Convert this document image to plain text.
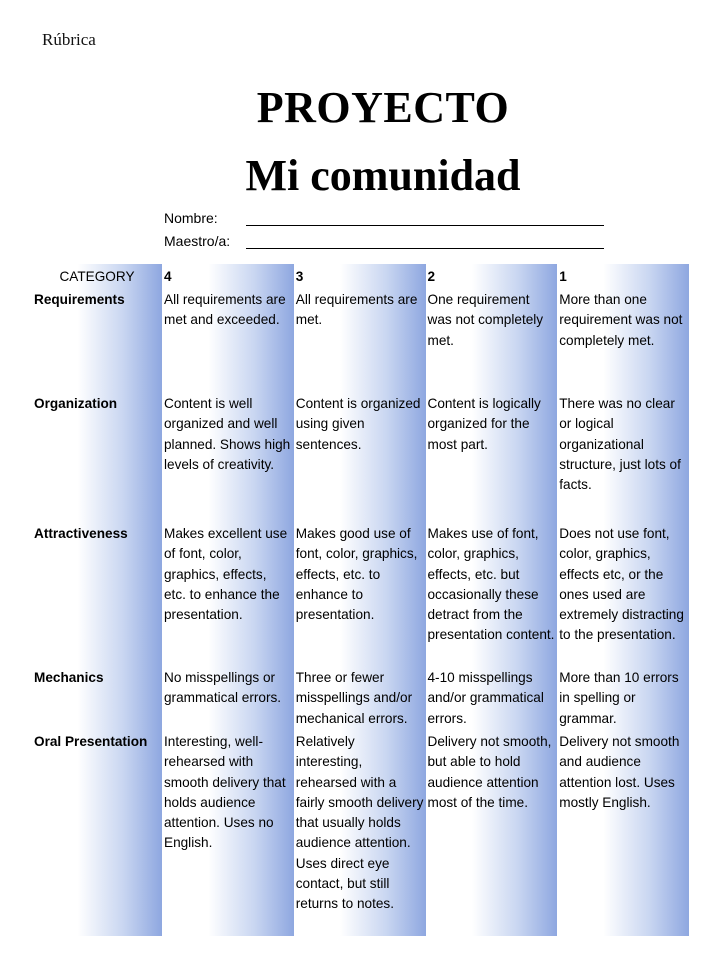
Rúbrica
PROYECTO
Mi comunidad
Nombre:
Maestro/a:
CATEGORY	4	3	2	1
Requirements	All requirements are met and exceeded.	All requirements are met.	One requirement was not completely met.	More than one requirement was not completely met.
Organization	Content is well organized and well planned. Shows high levels of creativity.	Content is organized using given sentences.	Content is logically organized for the most part.	There was no clear or logical organizational structure, just lots of facts.
Attractiveness	Makes excellent use of font, color, graphics, effects, etc. to enhance the presentation.	Makes good use of font, color, graphics, effects, etc. to enhance to presentation.	Makes use of font, color, graphics, effects, etc. but occasionally these detract from the presentation content.	Does not use font, color, graphics, effects etc, or the ones used are extremely distracting to the presentation.
Mechanics	No misspellings or grammatical errors.	Three or fewer misspellings and/or mechanical errors.	4-10 misspellings and/or grammatical errors.	More than 10 errors in spelling or grammar.
Oral Presentation	Interesting, well-rehearsed with smooth delivery that holds audience attention. Uses no English.	Relatively interesting, rehearsed with a fairly smooth delivery that usually holds audience attention. Uses direct eye contact, but still returns to notes.	Delivery not smooth, but able to hold audience attention most of the time.	Delivery not smooth and audience attention lost. Uses mostly English.
